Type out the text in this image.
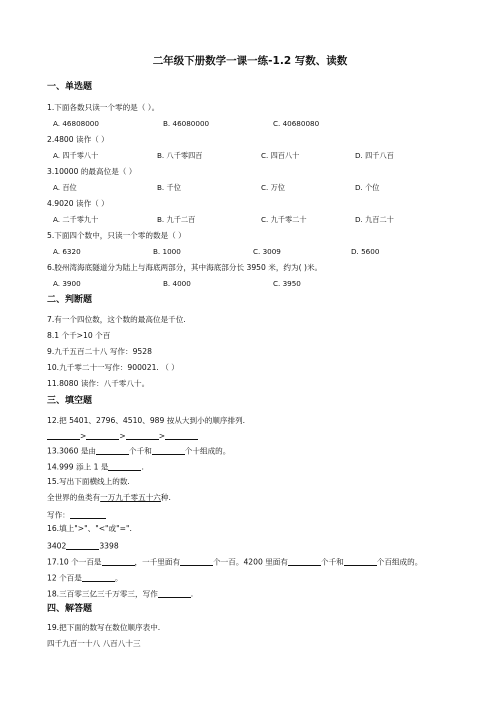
二年级下册数学一课一练-1.2 写数、读数
一、单选题
1.下面各数只读一个零的是（ ）。
A. 46808000	B. 46080000	C. 40680080
2.4800 读作（ ）
A. 四千零八十	B. 八千零四百	C. 四百八十	D. 四千八百
3.10000 的最高位是（ ）
A. 百位	B. 千位	C. 万位	D. 个位
4.9020 读作（ ）
A. 二千零九十	B. 九千二百	C. 九千零二十	D. 九百二十
5.下面四个数中，只读一个零的数是（ ）
A. 6320	B. 1000	C. 3009	D. 5600
6.胶州湾海底隧道分为陆上与海底两部分，其中海底部分长 3950 米，约为( )米。
A. 3900	B. 4000	C. 3950
二、判断题
7.有一个四位数，这个数的最高位是千位.
8.1 个千>10 个百
9.九千五百二十八 写作：9528
10.九千零二十一写作：900021. （ ）
11.8080 读作：八千零八十。
三、填空题
12.把 5401、2796、4510、989 按从大到小的顺序排列.
>	>	>
13.3060 是由	个千和	个十组成的。
14.999 添上 1 是	.
15.写出下面横线上的数.
全世界的鱼类有一万九千零五十六种.
写作：
16.填上">"、"<"或"=".
3402	3398
17.10 个一百是	，一千里面有	个一百。4200 里面有	个千和	个百组成的。
12 个百是	。
18.三百零三亿三千万零三，写作	.
四、解答题
19.把下面的数写在数位顺序表中.
四千九百一十八 八百八十三
